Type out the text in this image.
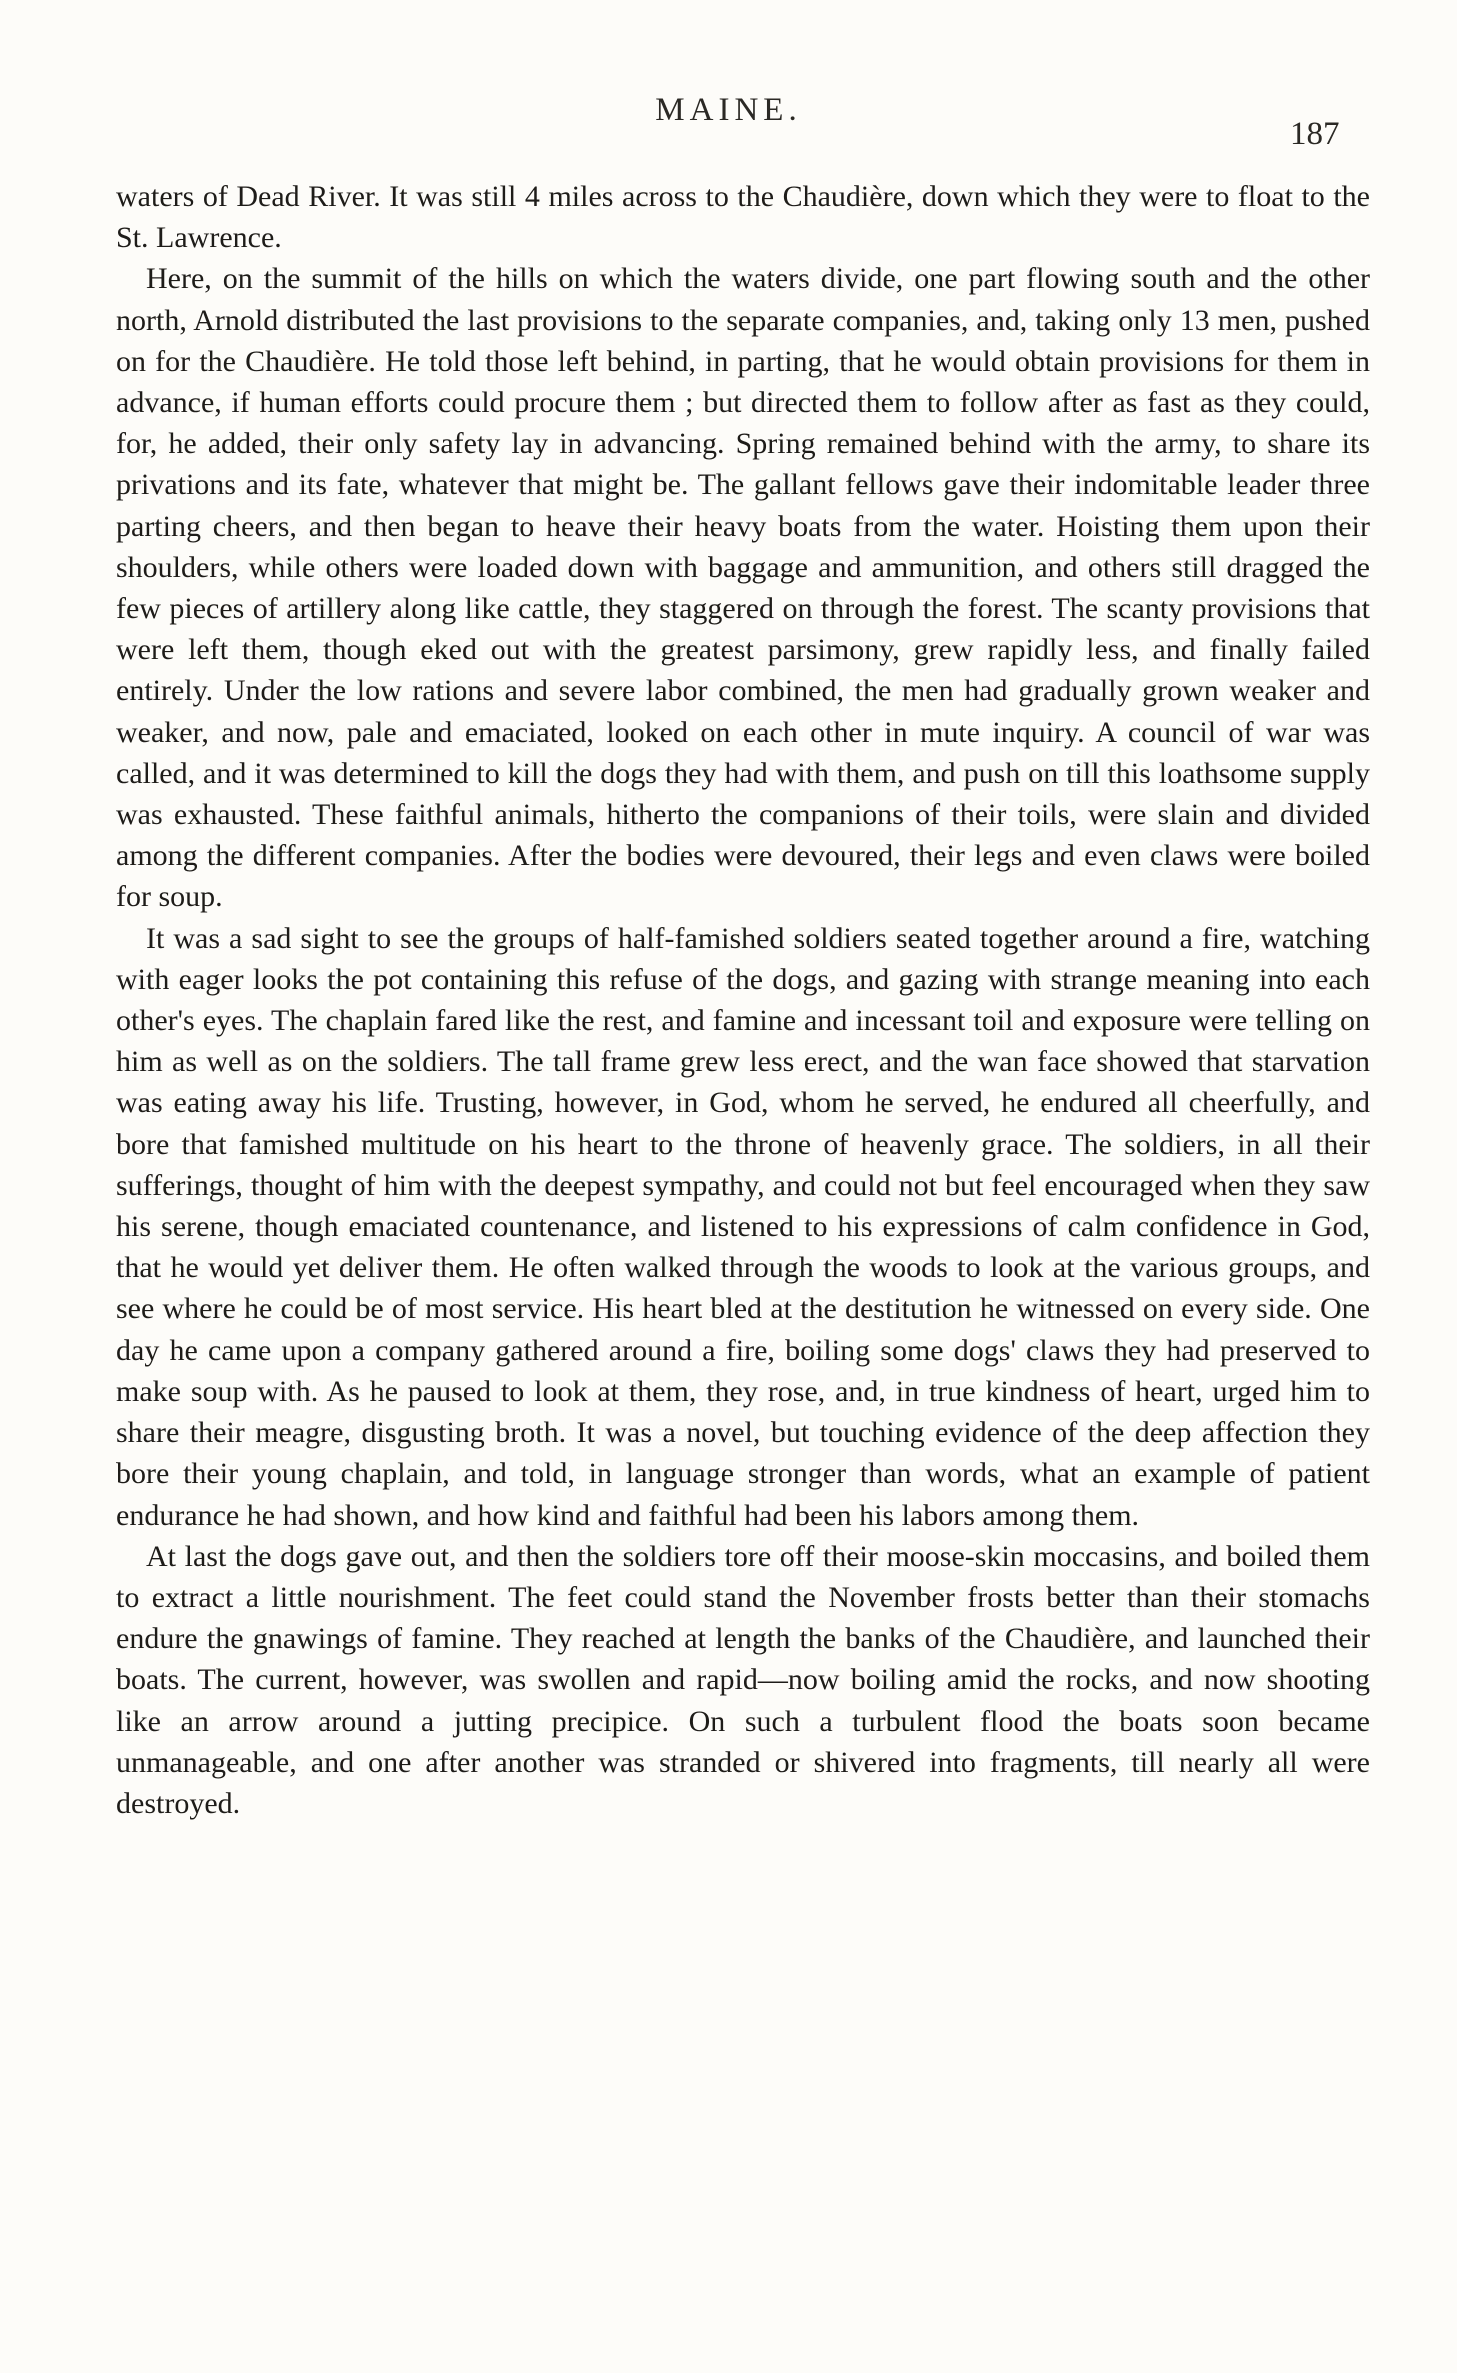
MAINE.
187

waters of Dead River. It was still 4 miles across to the Chaudière, down which they were to float to the St. Lawrence.

Here, on the summit of the hills on which the waters divide, one part flowing south and the other north, Arnold distributed the last provisions to the separate companies, and, taking only 13 men, pushed on for the Chaudière. He told those left behind, in parting, that he would obtain provisions for them in advance, if human efforts could procure them ; but directed them to follow after as fast as they could, for, he added, their only safety lay in advancing. Spring remained behind with the army, to share its privations and its fate, whatever that might be. The gallant fellows gave their indomitable leader three parting cheers, and then began to heave their heavy boats from the water. Hoisting them upon their shoulders, while others were loaded down with baggage and ammunition, and others still dragged the few pieces of artillery along like cattle, they staggered on through the forest. The scanty provisions that were left them, though eked out with the greatest parsimony, grew rapidly less, and finally failed entirely. Under the low rations and severe labor combined, the men had gradually grown weaker and weaker, and now, pale and emaciated, looked on each other in mute inquiry. A council of war was called, and it was determined to kill the dogs they had with them, and push on till this loathsome supply was exhausted. These faithful animals, hitherto the companions of their toils, were slain and divided among the different companies. After the bodies were devoured, their legs and even claws were boiled for soup.

It was a sad sight to see the groups of half-famished soldiers seated together around a fire, watching with eager looks the pot containing this refuse of the dogs, and gazing with strange meaning into each other's eyes. The chaplain fared like the rest, and famine and incessant toil and exposure were telling on him as well as on the soldiers. The tall frame grew less erect, and the wan face showed that starvation was eating away his life. Trusting, however, in God, whom he served, he endured all cheerfully, and bore that famished multitude on his heart to the throne of heavenly grace. The soldiers, in all their sufferings, thought of him with the deepest sympathy, and could not but feel encouraged when they saw his serene, though emaciated countenance, and listened to his expressions of calm confidence in God, that he would yet deliver them. He often walked through the woods to look at the various groups, and see where he could be of most service. His heart bled at the destitution he witnessed on every side. One day he came upon a company gathered around a fire, boiling some dogs' claws they had preserved to make soup with. As he paused to look at them, they rose, and, in true kindness of heart, urged him to share their meagre, disgusting broth. It was a novel, but touching evidence of the deep affection they bore their young chaplain, and told, in language stronger than words, what an example of patient endurance he had shown, and how kind and faithful had been his labors among them.

At last the dogs gave out, and then the soldiers tore off their moose-skin moccasins, and boiled them to extract a little nourishment. The feet could stand the November frosts better than their stomachs endure the gnawings of famine. They reached at length the banks of the Chaudière, and launched their boats. The current, however, was swollen and rapid—now boiling amid the rocks, and now shooting like an arrow around a jutting precipice. On such a turbulent flood the boats soon became unmanageable, and one after another was stranded or shivered into fragments, till nearly all were destroyed.
